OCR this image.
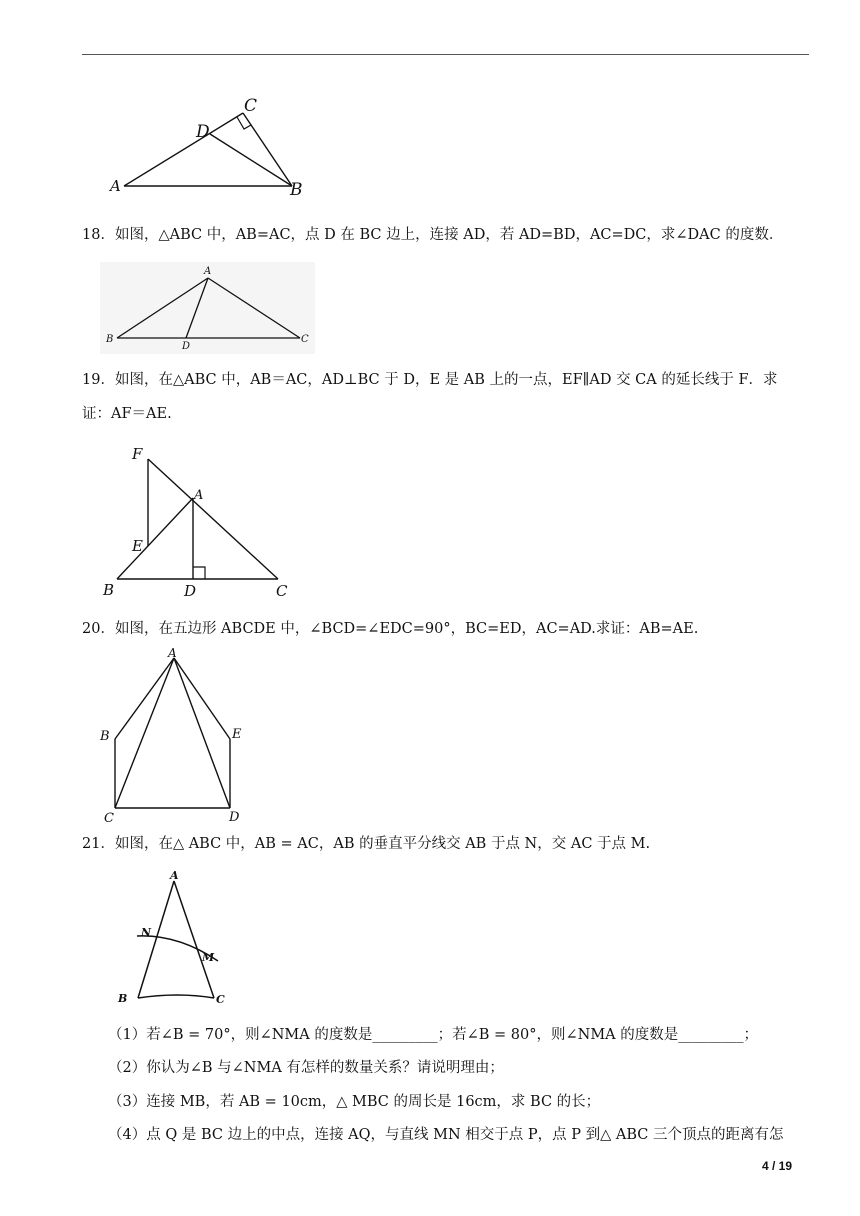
A	B
C
D
18．如图，△ABC 中，AB=AC，点 D 在 BC 边上，连接 AD，若 AD=BD，AC=DC，求∠DAC 的度数．
A
B	C
D
19．如图，在△ABC 中，AB＝AC，AD⊥BC 于 D，E 是 AB 上的一点，EF∥AD 交 CA 的延长线于 F．求
证：AF＝AE.
A
B	C
D
E
F
20．如图，在五边形 ABCDE 中，∠BCD=∠EDC=90°，BC=ED，AC=AD.求证：AB=AE.
A
B
C	D
E
21．如图，在△ ABC 中，AB = AC，AB 的垂直平分线交 AB 于点 N，交 AC 于点 M.
A
B	C
M
N
（1）若∠B = 70°，则∠NMA 的度数是_________；若∠B = 80°，则∠NMA 的度数是_________；
（2）你认为∠B 与∠NMA 有怎样的数量关系？请说明理由；
（3）连接 MB，若 AB = 10cm，△ MBC 的周长是 16cm，求 BC 的长；
（4）点 Q 是 BC 边上的中点，连接 AQ，与直线 MN 相交于点 P，点 P 到△ ABC 三个顶点的距离有怎
4 / 19
